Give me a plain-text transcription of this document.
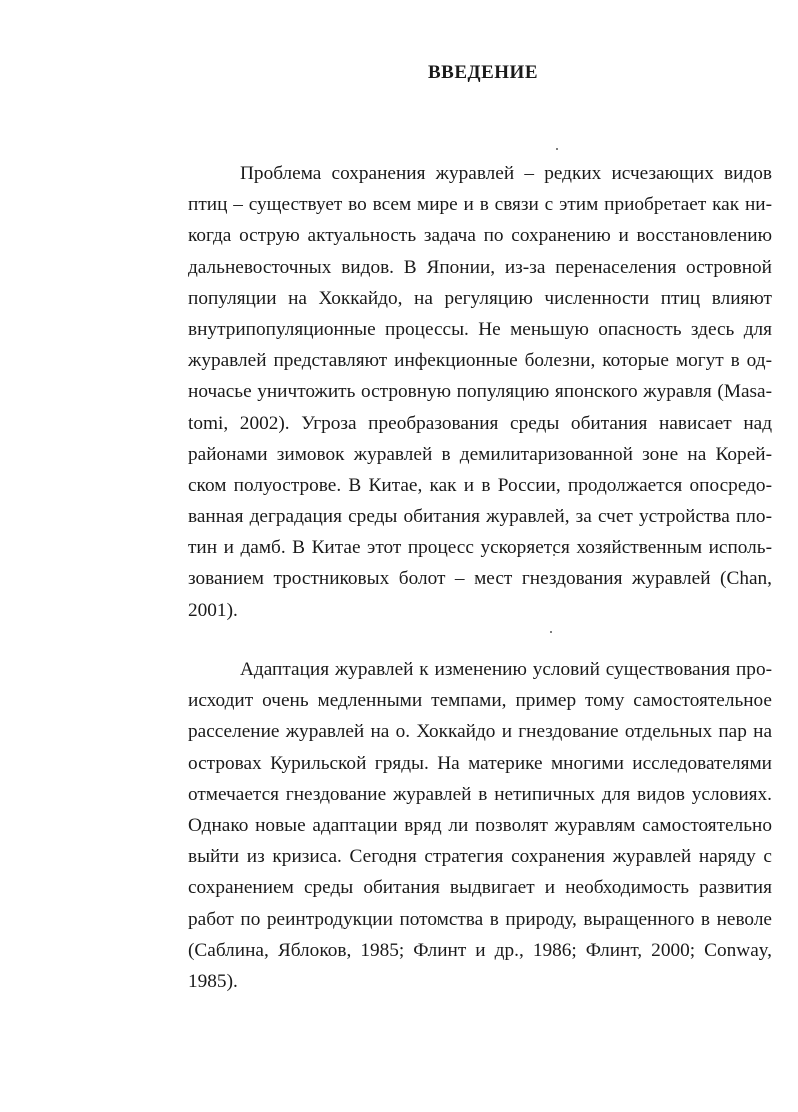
ВВЕДЕНИЕ
Проблема сохранения журавлей – редких исчезающих видов
птиц – существует во всем мире и в связи с этим приобретает как ни-
когда острую актуальность задача по сохранению и восстановлению
дальневосточных видов. В Японии, из-за перенаселения островной
популяции на Хоккайдо, на регуляцию численности птиц влияют
внутрипопуляционные процессы. Не меньшую опасность здесь для
журавлей представляют инфекционные болезни, которые могут в од-
ночасье уничтожить островную популяцию японского журавля (Masa-
tomi, 2002). Угроза преобразования среды обитания нависает над
районами зимовок журавлей в демилитаризованной зоне на Корей-
ском полуострове. В Китае, как и в России, продолжается опосредо-
ванная деградация среды обитания журавлей, за счет устройства пло-
тин и дамб. В Китае этот процесс ускоряется хозяйственным исполь-
зованием тростниковых болот – мест гнездования журавлей (Chan,
2001).
Адаптация журавлей к изменению условий существования про-
исходит очень медленными темпами, пример тому самостоятельное
расселение журавлей на о. Хоккайдо и гнездование отдельных пар на
островах Курильской гряды. На материке многими исследователями
отмечается гнездование журавлей в нетипичных для видов условиях.
Однако новые адаптации вряд ли позволят журавлям самостоятельно
выйти из кризиса. Сегодня стратегия сохранения журавлей наряду с
сохранением среды обитания выдвигает и необходимость развития
работ по реинтродукции потомства в природу, выращенного в неволе
(Саблина, Яблоков, 1985; Флинт и др., 1986; Флинт, 2000; Conway,
1985).
